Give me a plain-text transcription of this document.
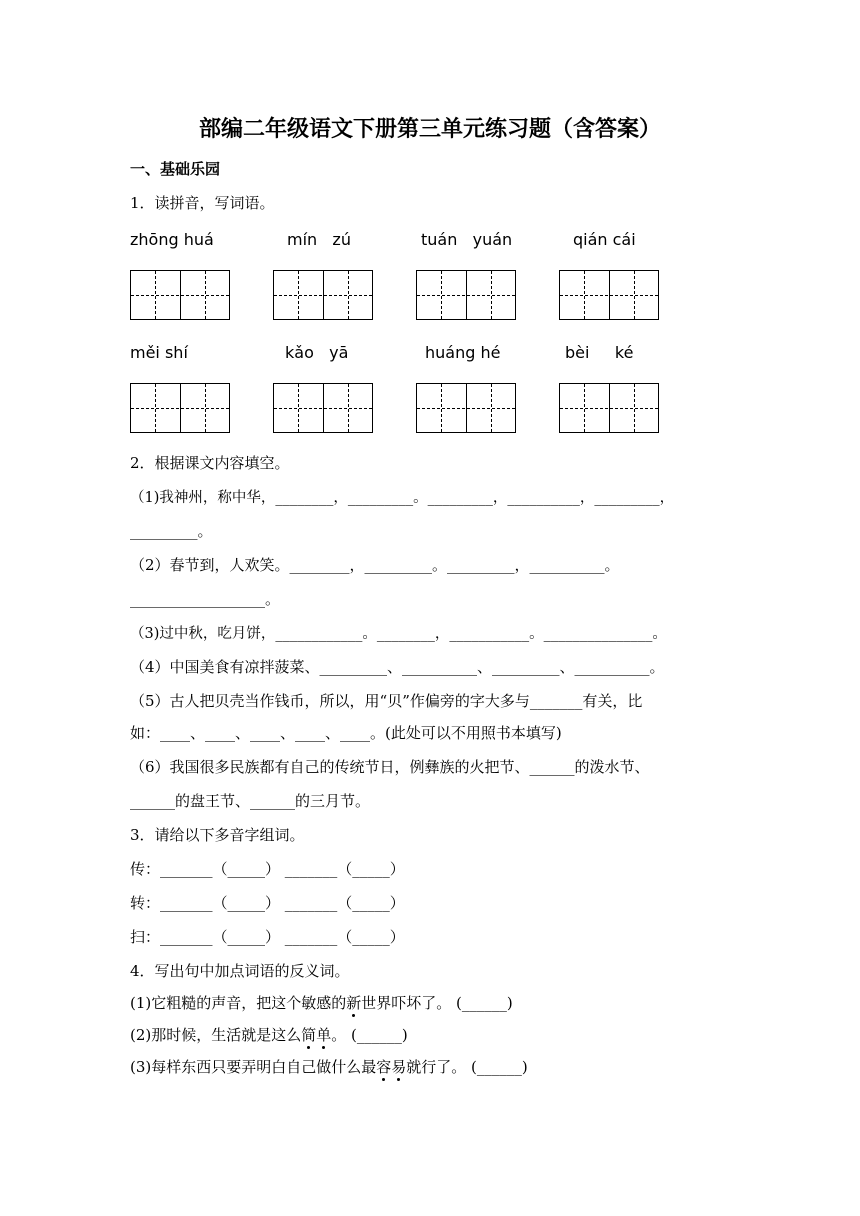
部编二年级语文下册第三单元练习题（含答案）
一、基础乐园
1．读拼音，写词语。
zhōng huá	mín   zú	tuán   yuán	qián cái
měi shí	kǎo   yā	huáng hé	bèi     ké
2．根据课文内容填空。
（1)我神州，称中华，________，_________。_________，__________，_________，
_________。
（2）春节到，人欢笑。________，_________。_________，__________。
__________________。
（3)过中秋，吃月饼，____________。________，___________。_______________。
（4）中国美食有凉拌菠菜、_________、__________、_________、__________。
（5）古人把贝壳当作钱币，所以，用“贝”作偏旁的字大多与_______有关，比
如：____、____、____、____、____。(此处可以不用照书本填写)
（6）我国很多民族都有自己的传统节日，例彝族的火把节、______的泼水节、
______的盘王节、______的三月节。
3．请给以下多音字组词。
传：_______（_____） _______（_____）
转：_______（_____） _______（_____）
扫：_______（_____） _______（_____）
4．写出句中加点词语的反义词。
(1)它粗糙的声音，把这个敏感的新世界吓坏了。 (______)
(2)那时候，生活就是这么简单。 (______)
(3)每样东西只要弄明白自己做什么最容易就行了。 (______)
